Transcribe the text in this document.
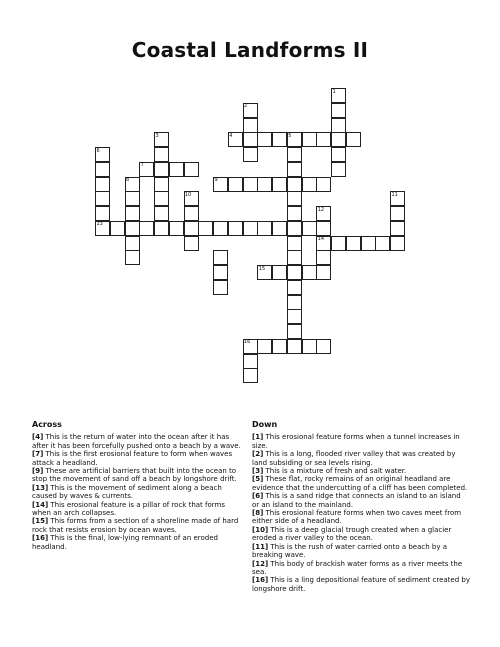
Coastal Landforms II
1
2
3	4	5
6
7
8	9
10	11
12
13
14
15
16
Across
[4] This is the return of water into the ocean after it has after it has been forcefully pushed onto a beach by a wave.
[7] This is the first erosional feature to form when waves attack a headland.
[9] These are artificial barriers that built into the ocean to stop the movement of sand off a beach by longshore drift.
[13] This is the movement of sediment along a beach caused by waves & currents.
[14] This erosional feature is a pillar of rock that forms when an arch collapses.
[15] This forms from a section of a shoreline made of hard rock that resists erosion by ocean waves.
[16] This is the final, low-lying remnant of an eroded headland.
Down
[1] This erosional feature forms when a tunnel increases in size.
[2] This is a long, flooded river valley that was created by land subsiding or sea levels rising.
[3] This is a mixture of fresh and salt water.
[5] These flat, rocky remains of an original headland are evidence that the undercutting of a cliff has been completed.
[6] This is a sand ridge that connects an island to an island or an island to the mainland.
[8] This erosional feature forms when two caves meet from either side of a headland.
[10] This is a deep glacial trough created when a glacier eroded a river valley to the ocean.
[11] This is the rush of water carried onto a beach by a breaking wave.
[12] This body of brackish water forms as a river meets the sea.
[16] This is a ling depositional feature of sediment created by longshore drift.
